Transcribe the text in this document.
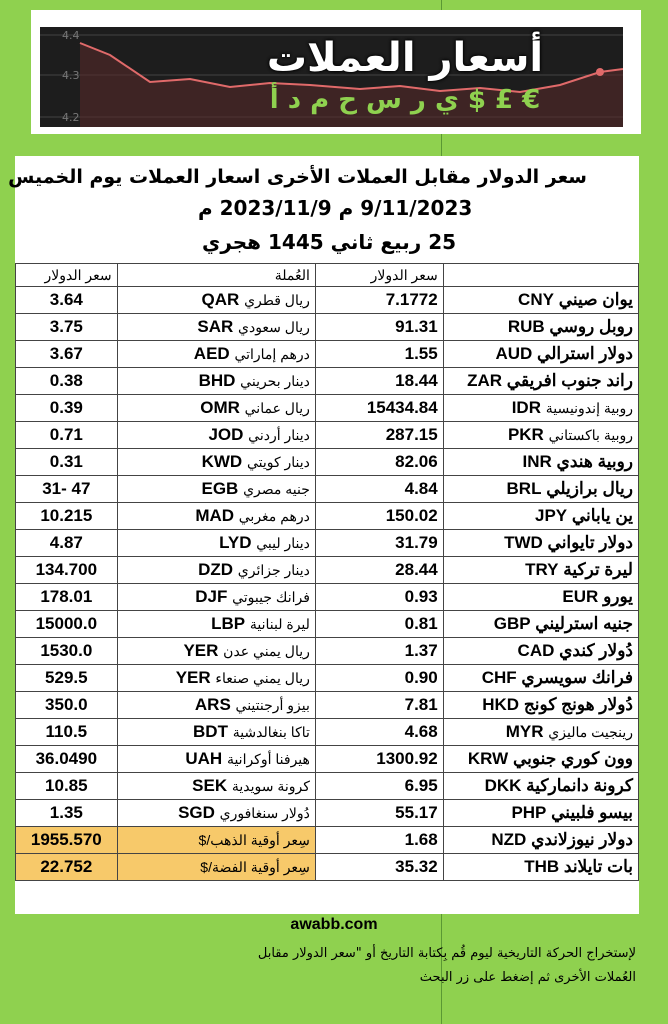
4.4
4.3
4.2
أسعار العملات
ي ر س ح م د أ $ £ €
سعر الدولار مقابل العملات الأخرى اسعار العملات يوم الخميس
9/11/2023 م 2023/11/9 م
25 ربيع ثاني 1445 هجري
سعر الدولار	العُملة	سعر الدولار	
3.64	ريال قطري QAR	7.1772	يوان صيني CNY
3.75	ريال سعودي SAR	91.31	روبل روسي RUB
3.67	درهم إماراتي AED	1.55	دولار استرالي AUD
0.38	دينار بحريني BHD	18.44	راند جنوب افريقي ZAR
0.39	ريال عماني OMR	15434.84	روبية إندونيسية IDR
0.71	دينار أردني JOD	287.15	روبية باكستاني PKR
0.31	دينار كويتي KWD	82.06	روبية هندي INR
31- 47	جنيه مصري EGB	4.84	ريال برازيلي BRL
10.215	درهم مغربي MAD	150.02	ين ياباني JPY
4.87	دينار ليبي LYD	31.79	دولار تايواني TWD
134.700	دينار جزائري DZD	28.44	ليرة تركية TRY
178.01	فرانك جيبوتي DJF	0.93	يورو EUR
15000.0	ليرة لبنانية LBP	0.81	جنيه استرليني GBP
1530.0	ريال يمني عدن YER	1.37	دُولار كندي CAD
529.5	ريال يمني صنعاء YER	0.90	فرانك سويسري CHF
350.0	بيزو أرجنتيني ARS	7.81	دُولار هونج كونج HKD
110.5	تاكا بنغالدشية BDT	4.68	رينجيت ماليزي MYR
36.0490	هيرفنا أوكرانية UAH	1300.92	وون كوري جنوبي KRW
10.85	كرونة سويدية SEK	6.95	كرونة دانماركية DKK
1.35	دُولار سنغافوري SGD	55.17	بيسو فلبيني PHP
1955.570	سِعر أوقية الذهب/$	1.68	دولار نيوزلاندي NZD
22.752	سِعر أوقية الفضة/$	35.32	بات تايلاند THB
awabb.com
لإستخراج الحركة التاريخية ليوم قُم بِكتابة التاريخ أو "سعر الدولار مقابل
العُملات الأخرى ثم إضغط على زر البحث
